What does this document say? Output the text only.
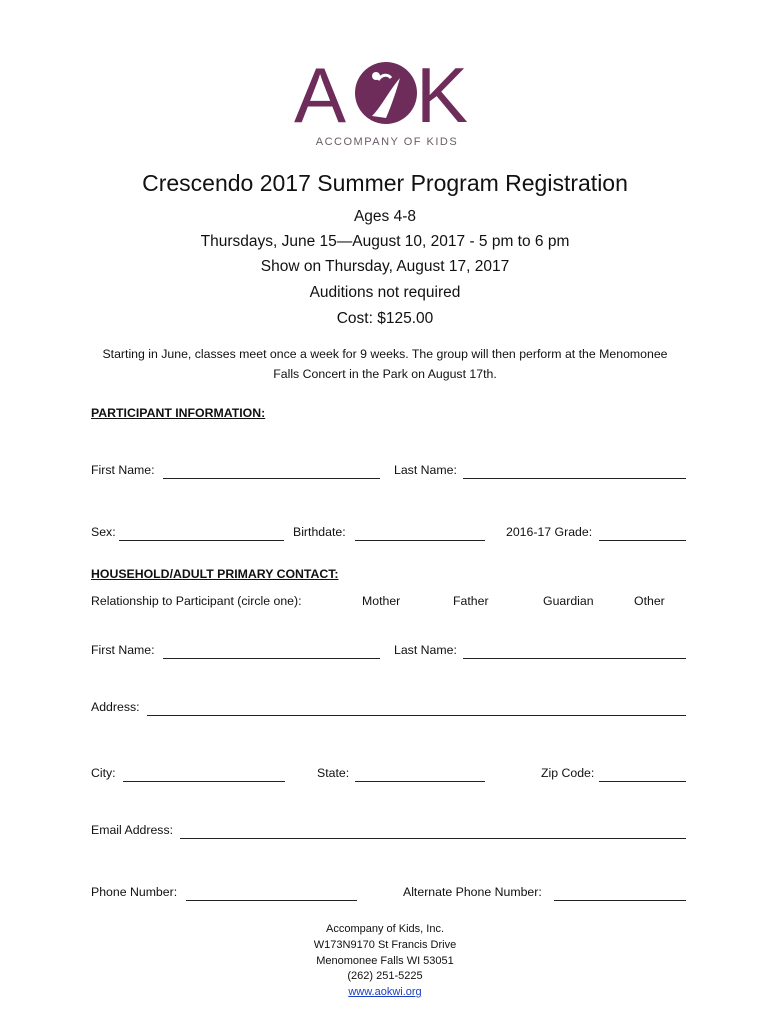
A K
ACCOMPANY OF KIDS
Crescendo 2017 Summer Program Registration
Ages 4-8
Thursdays, June 15—August 10, 2017 - 5 pm to 6 pm
Show on Thursday, August 17, 2017
Auditions not required
Cost: $125.00
Starting in June, classes meet once a week for 9 weeks. The group will then perform at the Menomonee Falls Concert in the Park on August 17th.
PARTICIPANT INFORMATION:
First Name:	Last Name:
Sex:	Birthdate:	2016-17 Grade:
HOUSEHOLD/ADULT PRIMARY CONTACT:
Relationship to Participant (circle one):	Mother	Father	Guardian	Other
First Name:	Last Name:
Address:
City:	State:	Zip Code:
Email Address:
Phone Number:	Alternate Phone Number:
Accompany of Kids, Inc.
W173N9170 St Francis Drive
Menomonee Falls WI 53051
(262) 251-5225
www.aokwi.org
